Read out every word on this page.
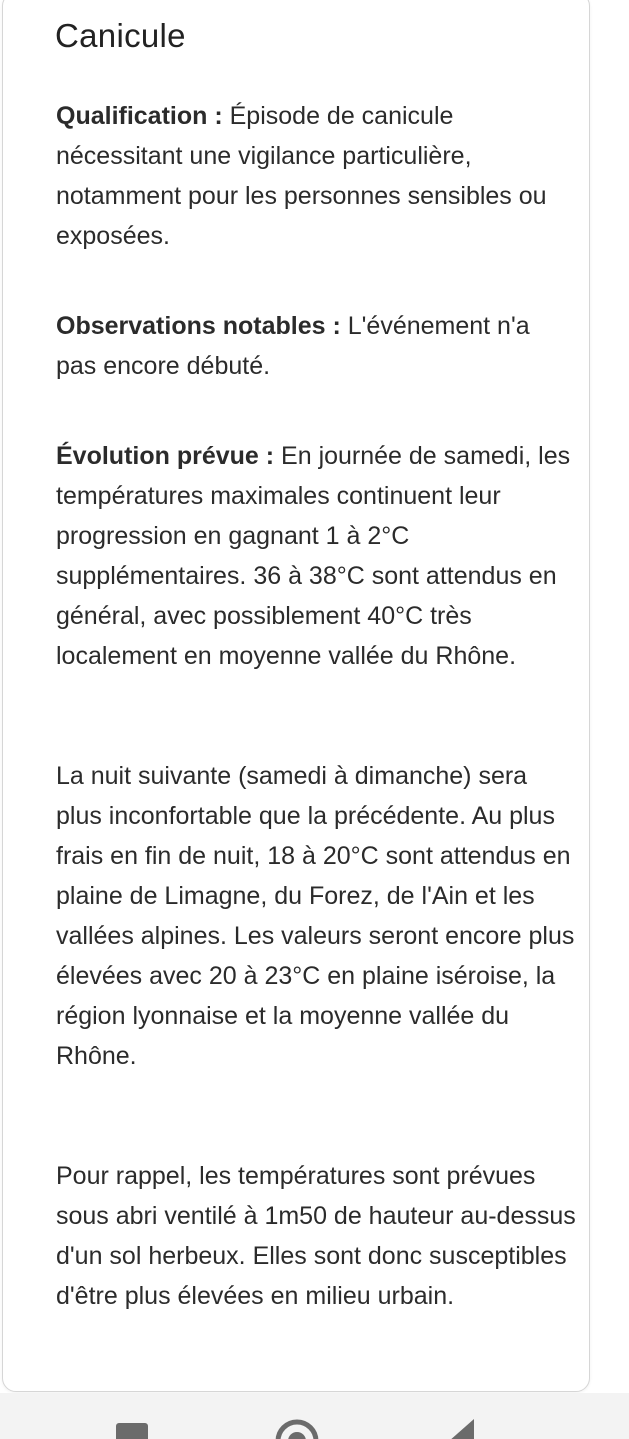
Canicule

Qualification : Épisode de canicule nécessitant une vigilance particulière, notamment pour les personnes sensibles ou exposées.

Observations notables : L'événement n'a pas encore débuté.

Évolution prévue : En journée de samedi, les températures maximales continuent leur progression en gagnant 1 à 2°C supplémentaires. 36 à 38°C sont attendus en général, avec possiblement 40°C très localement en moyenne vallée du Rhône.

La nuit suivante (samedi à dimanche) sera plus inconfortable que la précédente. Au plus frais en fin de nuit, 18 à 20°C sont attendus en plaine de Limagne, du Forez, de l'Ain et les vallées alpines. Les valeurs seront encore plus élevées avec 20 à 23°C en plaine iséroise, la région lyonnaise et la moyenne vallée du Rhône.

Pour rappel, les températures sont prévues sous abri ventilé à 1m50 de hauteur au-dessus d'un sol herbeux. Elles sont donc susceptibles d'être plus élevées en milieu urbain.
